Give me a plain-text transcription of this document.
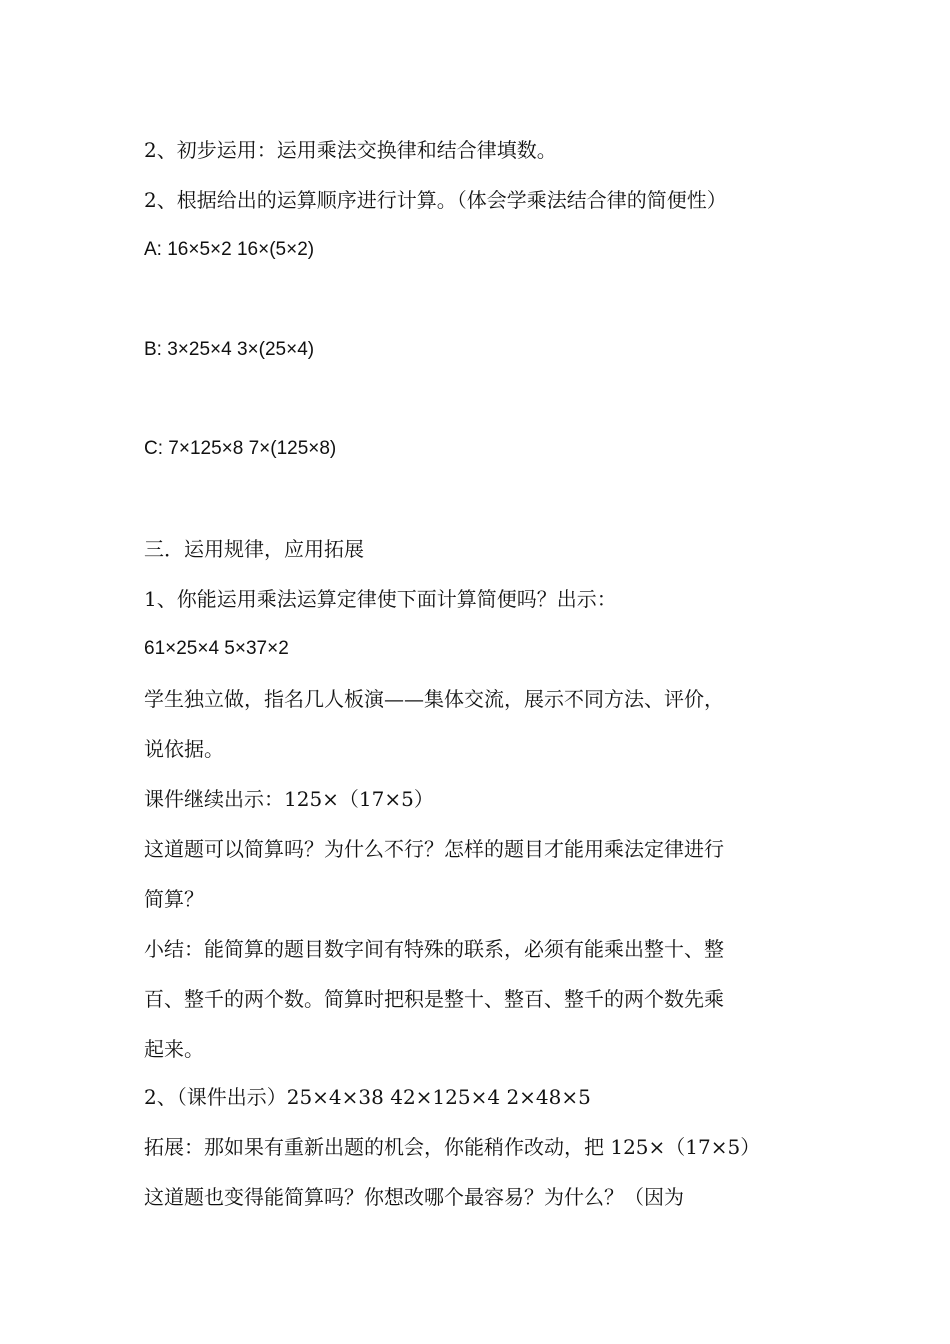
2、初步运用：运用乘法交换律和结合律填数。
2、根据给出的运算顺序进行计算。（体会学乘法结合律的简便性）
A: 16×5×2 16×(5×2)
B: 3×25×4 3×(25×4)
C: 7×125×8 7×(125×8)
三．运用规律，应用拓展
1、你能运用乘法运算定律使下面计算简便吗？出示：
61×25×4 5×37×2
学生独立做，指名几人板演——集体交流，展示不同方法、评价，
说依据。
课件继续出示：125×（17×5）
这道题可以简算吗？为什么不行？怎样的题目才能用乘法定律进行
简算？
小结：能简算的题目数字间有特殊的联系，必须有能乘出整十、整
百、整千的两个数。简算时把积是整十、整百、整千的两个数先乘
起来。
2、（课件出示）25×4×38 42×125×4 2×48×5
拓展：那如果有重新出题的机会，你能稍作改动，把 125×（17×5）
这道题也变得能简算吗？你想改哪个最容易？为什么？（因为
